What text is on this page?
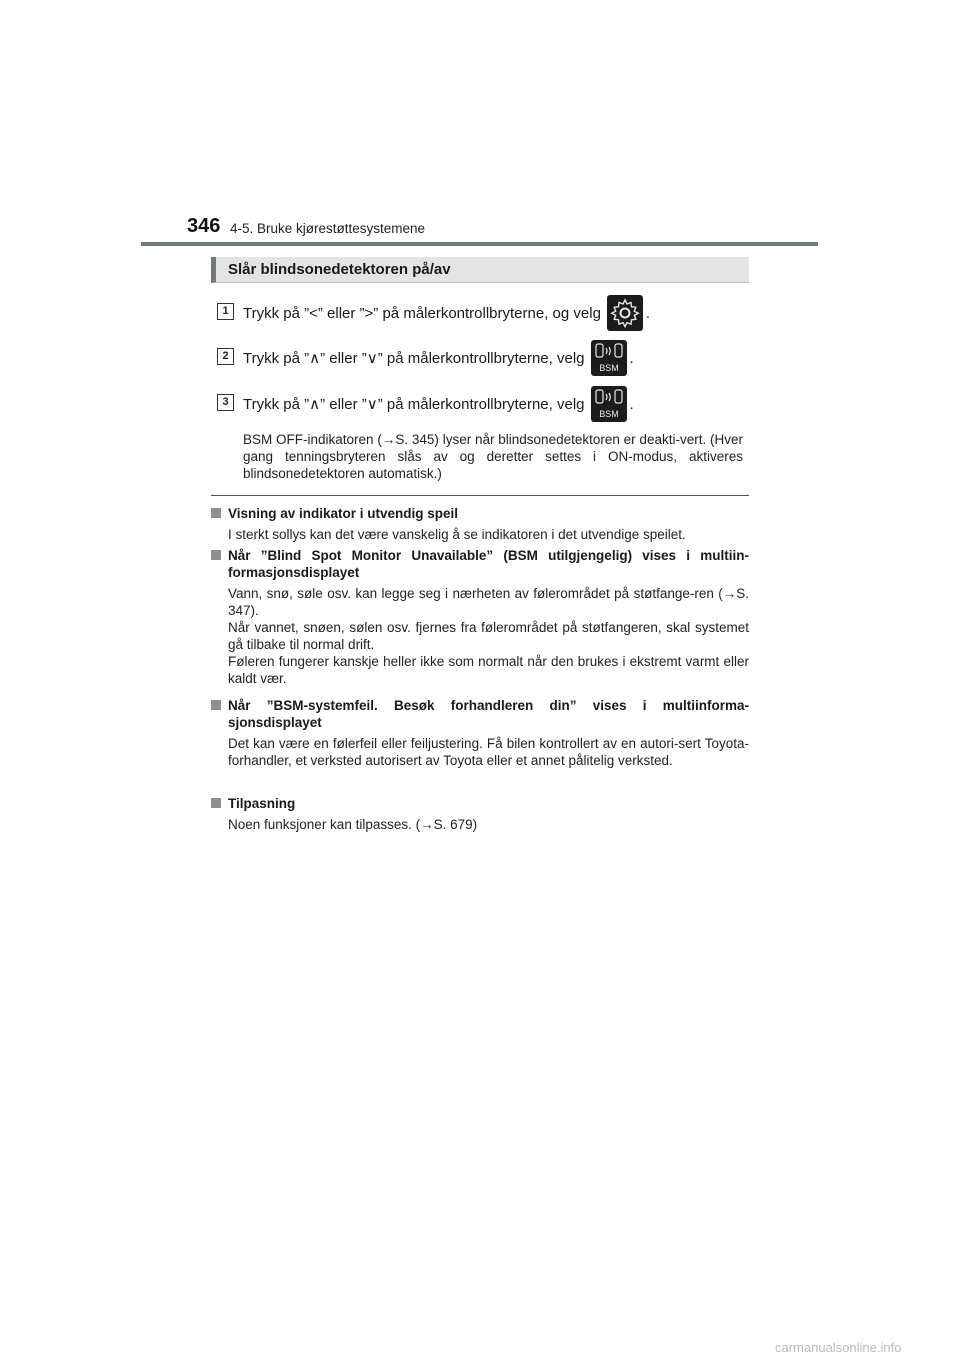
346 4-5. Bruke kjørestøttesystemene
Slår blindsonedetektoren på/av
1 Trykk på ”<” eller ”>” på målerkontrollbryterne, og velg	.
2 Trykk på ”∧” eller ”∨” på målerkontrollbryterne, velg
BSM
.
3 Trykk på ”∧” eller ”∨” på målerkontrollbryterne, velg
BSM
.
BSM OFF-indikatoren (→S. 345) lyser når blindsonedetektoren er deakti-vert. (Hver gang tenningsbryteren slås av og deretter settes i ON-modus, aktiveres blindsonedetektoren automatisk.)
Visning av indikator i utvendig speil

I sterkt sollys kan det være vanskelig å se indikatoren i det utvendige speilet.

Når ”Blind Spot Monitor Unavailable” (BSM utilgjengelig) vises i multiin-formasjonsdisplayet

Vann, snø, søle osv. kan legge seg i nærheten av følerområdet på støtfange-ren (→S. 347).

Når vannet, snøen, sølen osv. fjernes fra følerområdet på støtfangeren, skal systemet gå tilbake til normal drift.

Føleren fungerer kanskje heller ikke som normalt når den brukes i ekstremt varmt eller kaldt vær.

Når ”BSM-systemfeil. Besøk forhandleren din” vises i multiinforma-sjonsdisplayet

Det kan være en følerfeil eller feiljustering. Få bilen kontrollert av en autori-sert Toyota-forhandler, et verksted autorisert av Toyota eller et annet pålitelig verksted.

Tilpasning

Noen funksjoner kan tilpasses. (→S. 679)

carmanualsonline.info
